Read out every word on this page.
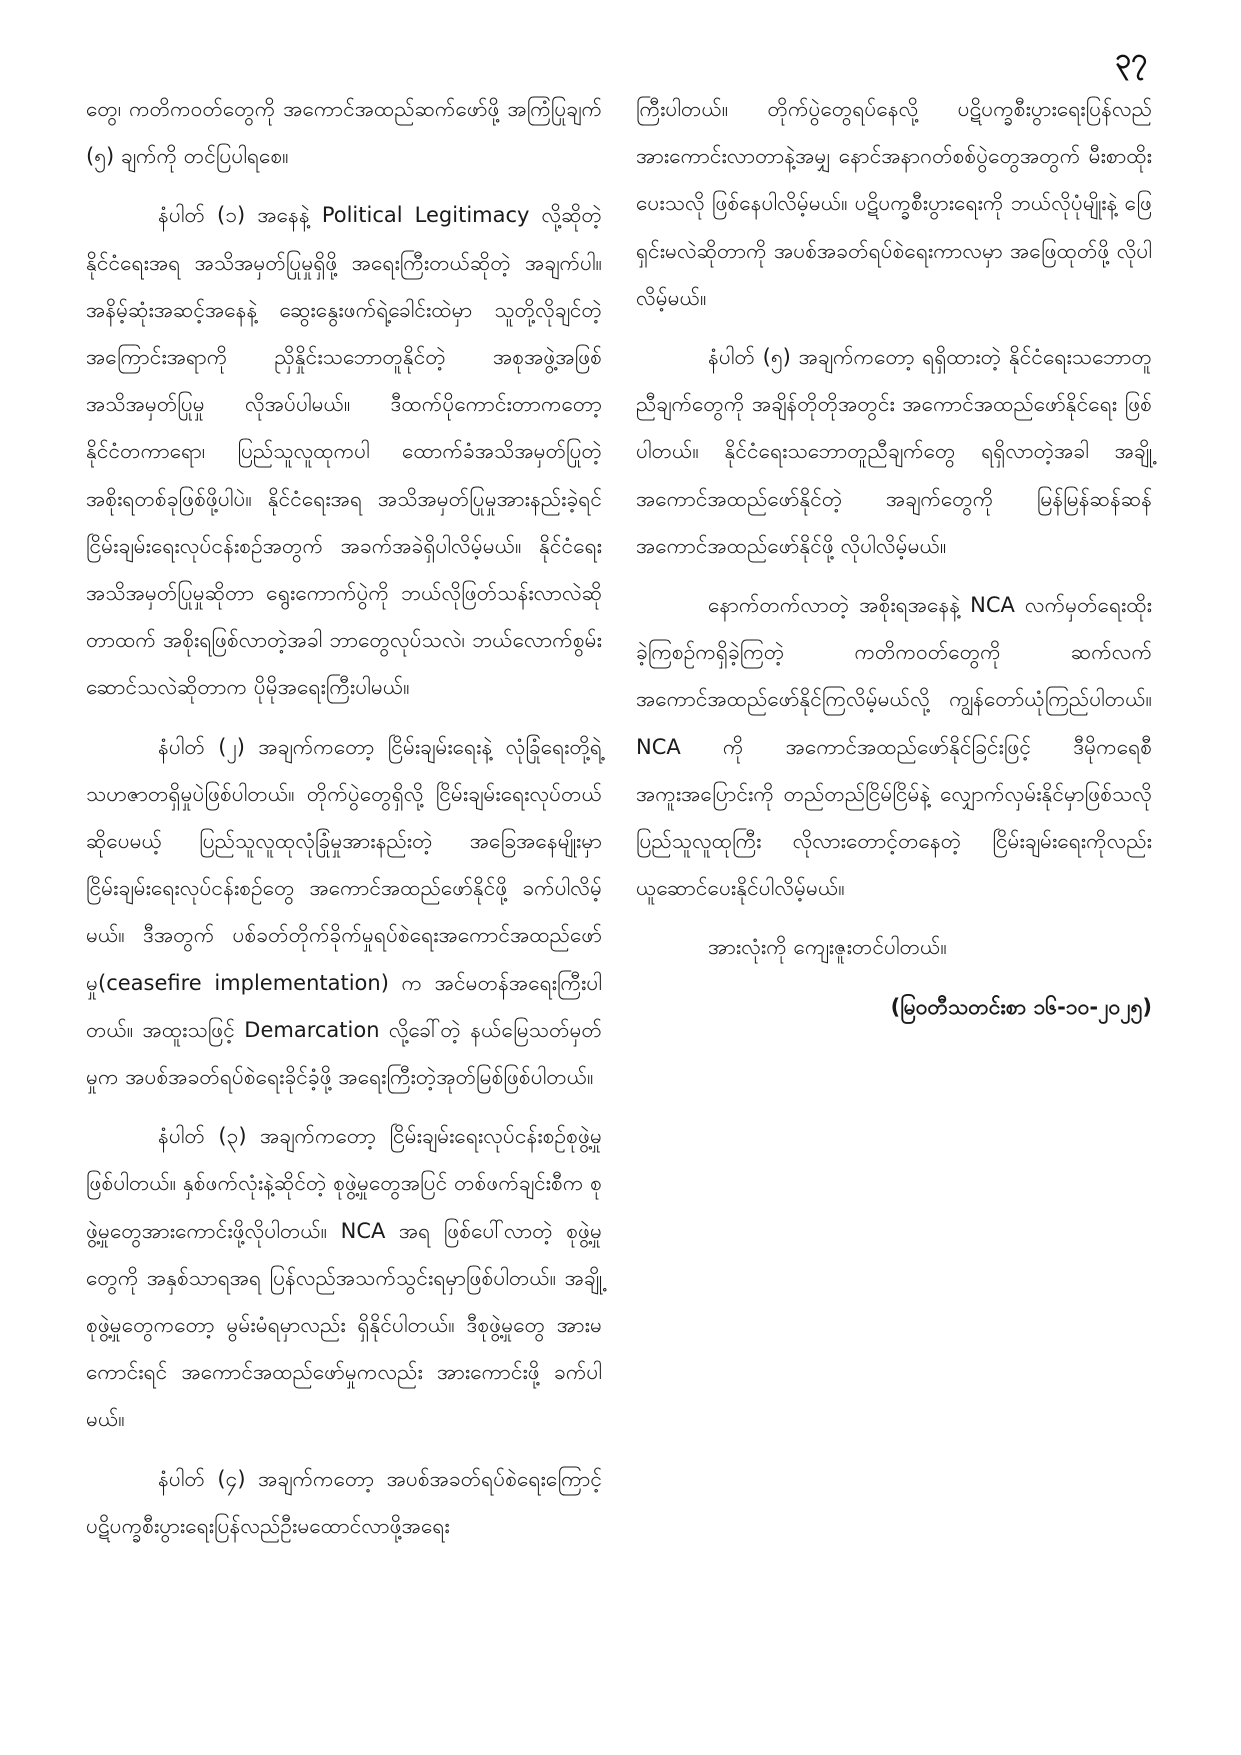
၃၇

တွေ၊ ကတိကဝတ်တွေကို အကောင်အထည်ဆက်ဖော်ဖို့ အကြံပြုချက် (၅) ချက်ကို တင်ပြပါရစေ။

နံပါတ် (၁) အနေနဲ့ Political Legitimacy လို့ဆိုတဲ့ နိုင်ငံရေးအရ အသိအမှတ်ပြုမှုရှိဖို့ အရေးကြီးတယ်ဆိုတဲ့ အချက်ပါ။ အနိမ့်ဆုံးအဆင့်အနေနဲ့ ဆွေးနွေးဖက်ရဲ့ခေါင်းထဲမှာ သူတို့လိုချင်တဲ့အကြောင်းအရာကို ညှိနှိုင်းသဘောတူနိုင်တဲ့ အစုအဖွဲ့အဖြစ် အသိအမှတ်ပြုမှု လိုအပ်ပါမယ်။ ဒီထက်ပိုကောင်းတာကတော့ နိုင်ငံတကာရော၊ ပြည်သူလူထုကပါ ထောက်ခံအသိအမှတ်ပြုတဲ့ အစိုးရတစ်ခုဖြစ်ဖို့ပါပဲ။ နိုင်ငံရေးအရ အသိအမှတ်ပြုမှုအားနည်းခဲ့ရင် ငြိမ်းချမ်းရေးလုပ်ငန်းစဉ်အတွက် အခက်အခဲရှိပါလိမ့်မယ်။ နိုင်ငံရေးအသိအမှတ်ပြုမှုဆိုတာ ရွေးကောက်ပွဲကို ဘယ်လိုဖြတ်သန်းလာလဲဆိုတာထက် အစိုးရဖြစ်လာတဲ့အခါ ဘာတွေလုပ်သလဲ၊ ဘယ်လောက်စွမ်းဆောင်သလဲဆိုတာက ပိုမိုအရေးကြီးပါမယ်။

နံပါတ် (၂) အချက်ကတော့ ငြိမ်းချမ်းရေးနဲ့ လုံခြုံရေးတို့ရဲ့ သဟဇာတရှိမှုပဲဖြစ်ပါတယ်။ တိုက်ပွဲတွေရှိလို့ ငြိမ်းချမ်းရေးလုပ်တယ်ဆိုပေမယ့် ပြည်သူလူထုလုံခြုံမှုအားနည်းတဲ့ အခြေအနေမျိုးမှာ ငြိမ်းချမ်းရေးလုပ်ငန်းစဉ်တွေ အကောင်အထည်ဖော်နိုင်ဖို့ ခက်ပါလိမ့်မယ်။ ဒီအတွက် ပစ်ခတ်တိုက်ခိုက်မှုရပ်စဲရေးအကောင်အထည်ဖော်မှု(ceasefire implementation) က အင်မတန်အရေးကြီးပါတယ်။ အထူးသဖြင့် Demarcation လို့ခေါ်တဲ့ နယ်မြေသတ်မှတ်မှုက အပစ်အခတ်ရပ်စဲရေးခိုင်ခံ့ဖို့ အရေးကြီးတဲ့အုတ်မြစ်ဖြစ်ပါတယ်။

နံပါတ် (၃) အချက်ကတော့ ငြိမ်းချမ်းရေးလုပ်ငန်းစဉ်စုဖွဲ့မှုဖြစ်ပါတယ်။ နှစ်ဖက်လုံးနဲ့ဆိုင်တဲ့ စုဖွဲ့မှုတွေအပြင် တစ်ဖက်ချင်းစီက စုဖွဲ့မှုတွေအားကောင်းဖို့လိုပါတယ်။ NCA အရ ဖြစ်ပေါ်လာတဲ့ စုဖွဲ့မှုတွေကို အနှစ်သာရအရ ပြန်လည်အသက်သွင်းရမှာဖြစ်ပါတယ်။ အချို့စုဖွဲ့မှုတွေကတော့ မွမ်းမံရမှာလည်း ရှိနိုင်ပါတယ်။ ဒီစုဖွဲ့မှုတွေ အားမကောင်းရင် အကောင်အထည်ဖော်မှုကလည်း အားကောင်းဖို့ ခက်ပါမယ်။

နံပါတ် (၄) အချက်ကတော့ အပစ်အခတ်ရပ်စဲရေးကြောင့် ပဋိပက္ခစီးပွားရေးပြန်လည်ဦးမထောင်လာဖို့အရေး

ကြီးပါတယ်။ တိုက်ပွဲတွေရပ်နေလို့ ပဋိပက္ခစီးပွားရေးပြန်လည်အားကောင်းလာတာနဲ့အမျှ နောင်အနာဂတ်စစ်ပွဲတွေအတွက် မီးစာထိုးပေးသလို ဖြစ်နေပါလိမ့်မယ်။ ပဋိပက္ခစီးပွားရေးကို ဘယ်လိုပုံမျိုးနဲ့ ဖြေရှင်းမလဲဆိုတာကို အပစ်အခတ်ရပ်စဲရေးကာလမှာ အဖြေထုတ်ဖို့ လိုပါလိမ့်မယ်။

နံပါတ် (၅) အချက်ကတော့ ရရှိထားတဲ့ နိုင်ငံရေးသဘောတူညီချက်တွေကို အချိန်တိုတိုအတွင်း အကောင်အထည်ဖော်နိုင်ရေး ဖြစ်ပါတယ်။ နိုင်ငံရေးသဘောတူညီချက်တွေ ရရှိလာတဲ့အခါ အချို့အကောင်အထည်ဖော်နိုင်တဲ့ အချက်တွေကို မြန်မြန်ဆန်ဆန် အကောင်အထည်ဖော်နိုင်ဖို့ လိုပါလိမ့်မယ်။

နောက်တက်လာတဲ့ အစိုးရအနေနဲ့ NCA လက်မှတ်ရေးထိုးခဲ့ကြစဉ်ကရှိခဲ့ကြတဲ့ ကတိကဝတ်တွေကို ဆက်လက်အကောင်အထည်ဖော်နိုင်ကြလိမ့်မယ်လို့ ကျွန်တော်ယုံကြည်ပါတယ်။ NCA ကို အကောင်အထည်ဖော်နိုင်ခြင်းဖြင့် ဒီမိုကရေစီအကူးအပြောင်းကို တည်တည်ငြိမ်ငြိမ်နဲ့ လျှောက်လှမ်းနိုင်မှာဖြစ်သလို ပြည်သူလူထုကြီး လိုလားတောင့်တနေတဲ့ ငြိမ်းချမ်းရေးကိုလည်း ယူဆောင်ပေးနိုင်ပါလိမ့်မယ်။

အားလုံးကို ကျေးဇူးတင်ပါတယ်။

(မြဝတီသတင်းစာ ၁၆-၁၀-၂၀၂၅)
